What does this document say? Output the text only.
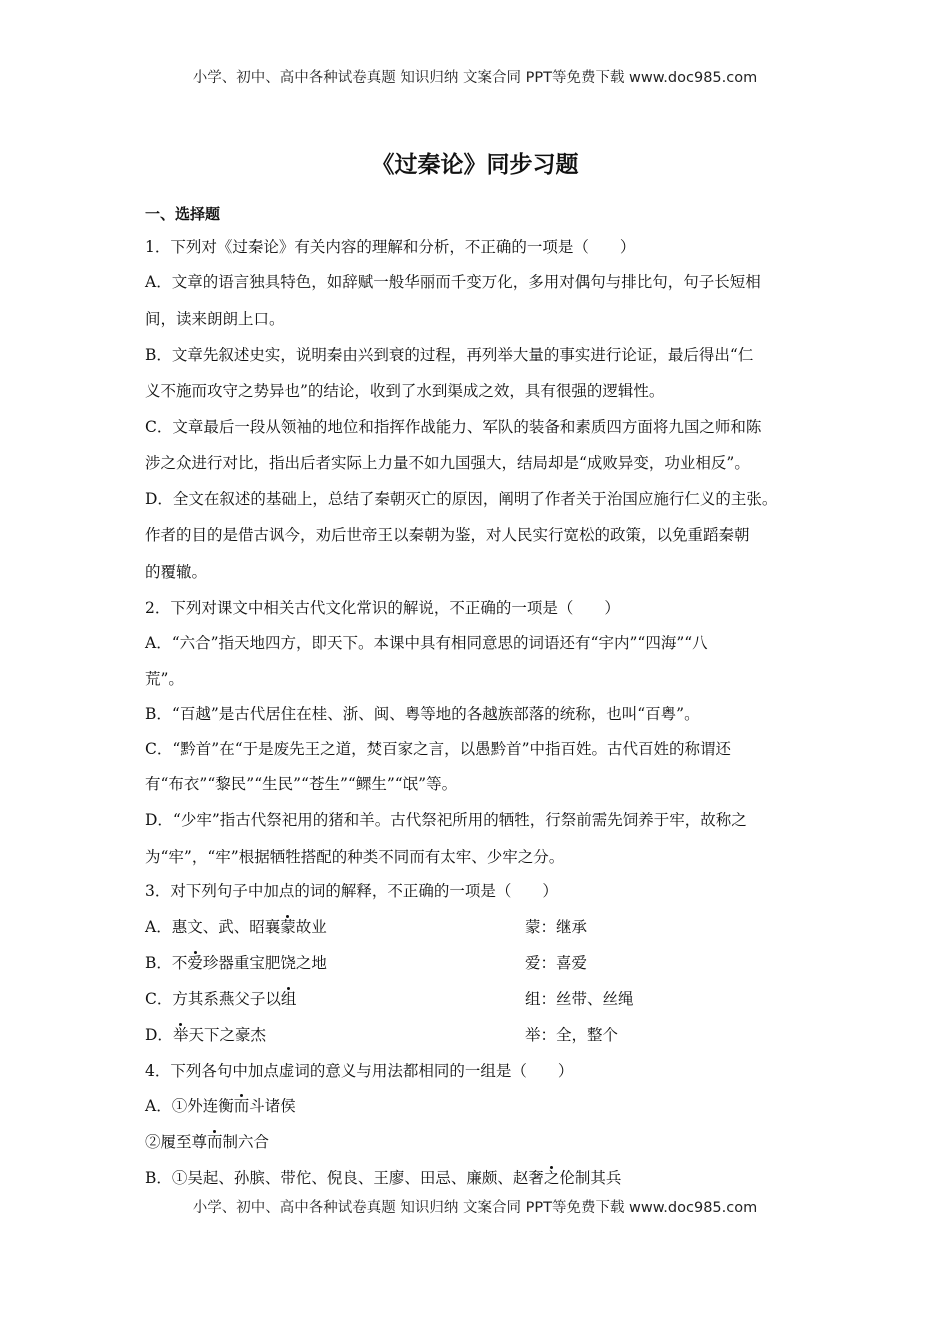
小学、初中、高中各种试卷真题 知识归纳 文案合同 PPT等免费下载 www.doc985.com
《过秦论》同步习题
一、选择题
1．下列对《过秦论》有关内容的理解和分析，不正确的一项是（　　）
A．文章的语言独具特色，如辞赋一般华丽而千变万化，多用对偶句与排比句，句子长短相
间，读来朗朗上口。
B．文章先叙述史实，说明秦由兴到衰的过程，再列举大量的事实进行论证，最后得出“仁
义不施而攻守之势异也”的结论，收到了水到渠成之效，具有很强的逻辑性。
C．文章最后一段从领袖的地位和指挥作战能力、军队的装备和素质四方面将九国之师和陈
涉之众进行对比，指出后者实际上力量不如九国强大，结局却是“成败异变，功业相反”。
D．全文在叙述的基础上，总结了秦朝灭亡的原因，阐明了作者关于治国应施行仁义的主张。
作者的目的是借古讽今，劝后世帝王以秦朝为鉴，对人民实行宽松的政策，以免重蹈秦朝
的覆辙。
2．下列对课文中相关古代文化常识的解说，不正确的一项是（　　）
A．“六合”指天地四方，即天下。本课中具有相同意思的词语还有“宇内”“四海”“八
荒”。
B．“百越”是古代居住在桂、浙、闽、粤等地的各越族部落的统称，也叫“百粤”。
C．“黔首”在“于是废先王之道，焚百家之言，以愚黔首”中指百姓。古代百姓的称谓还
有“布衣”“黎民”“生民”“苍生”“鳏生”“氓”等。
D．“少牢”指古代祭祀用的猪和羊。古代祭祀所用的牺牲，行祭前需先饲养于牢，故称之
为“牢”，“牢”根据牺牲搭配的种类不同而有太牢、少牢之分。
3．对下列句子中加点的词的解释，不正确的一项是（　　）
A．惠文、武、昭襄蒙故业	蒙：继承
B．不爱珍器重宝肥饶之地	爱：喜爱
C．方其系燕父子以组	组：丝带、丝绳
D．举天下之豪杰	举：全，整个
4．下列各句中加点虚词的意义与用法都相同的一组是（　　）
A．①外连衡而斗诸侯
②履至尊而制六合
B．①吴起、孙膑、带佗、倪良、王廖、田忌、廉颇、赵奢之伦制其兵
小学、初中、高中各种试卷真题 知识归纳 文案合同 PPT等免费下载 www.doc985.com
